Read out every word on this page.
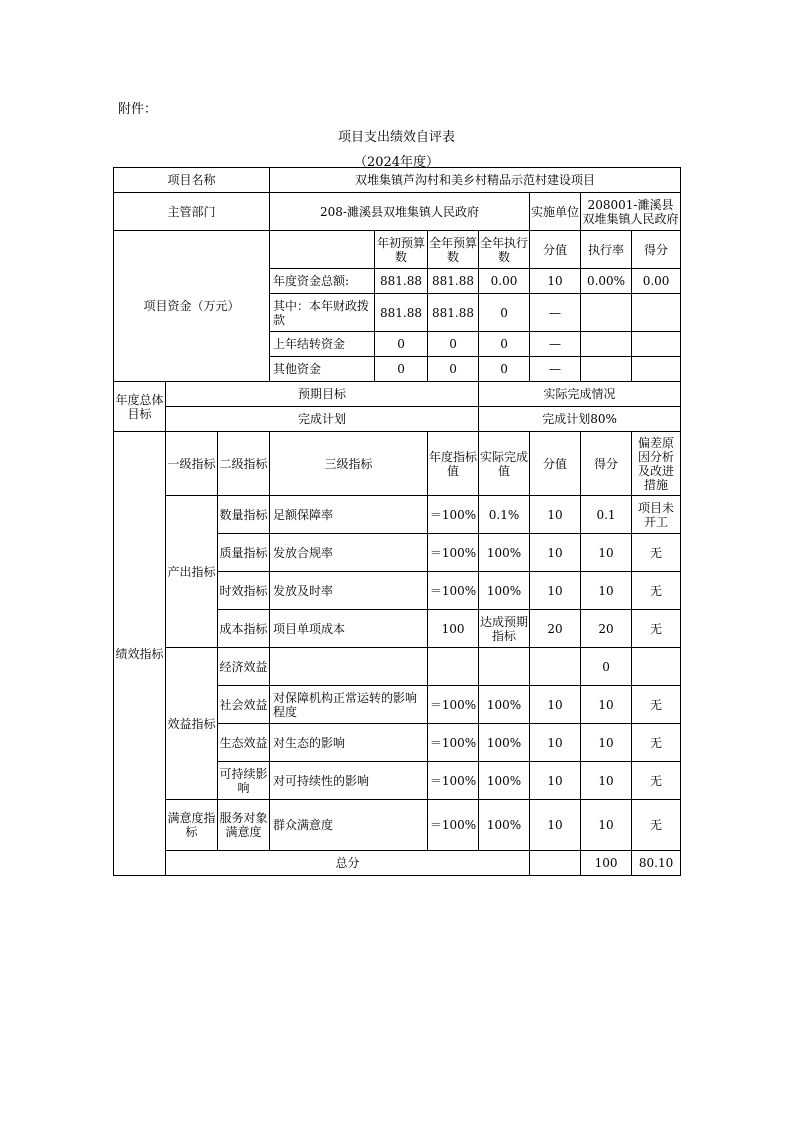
附件：
项目支出绩效自评表
（2024年度）
项目名称			双堆集镇芦沟村和美乡村精品示范村建设项目							
主管部门			208-濉溪县双堆集镇人民政府				实施单位	208001-濉溪县双堆集镇人民政府		
项目资金（万元）				年初预算数	全年预算数	全年执行数	分值	执行率	得分	
			年度资金总额:	881.88	881.88	0.00	10	0.00%	0.00	
			其中：本年财政拨款	881.88	881.88	0	—			
			上年结转资金	0	0	0	—			
			其他资金	0	0	0	—			
年度总体目标	预期目标					实际完成情况				
	完成计划					完成计划80%				
绩效指标	一级指标	二级指标	三级指标		年度指标值	实际完成值	分值	得分	偏差原因分析及改进措施	
	产出指标	数量指标	足额保障率		＝100%	0.1%	10	0.1	项目未开工	
		质量指标	发放合规率		＝100%	100%	10	10	无	
		时效指标	发放及时率		＝100%	100%	10	10	无	
		成本指标	项目单项成本		100	达成预期指标	20	20	无	
	效益指标	经济效益						0		
		社会效益	对保障机构正常运转的影响程度		＝100%	100%	10	10	无	
		生态效益	对生态的影响		＝100%	100%	10	10	无	
		可持续影响	对可持续性的影响		＝100%	100%	10	10	无	
	满意度指标	服务对象满意度	群众满意度		＝100%	100%	10	10	无	
	总分							100	80.10	
